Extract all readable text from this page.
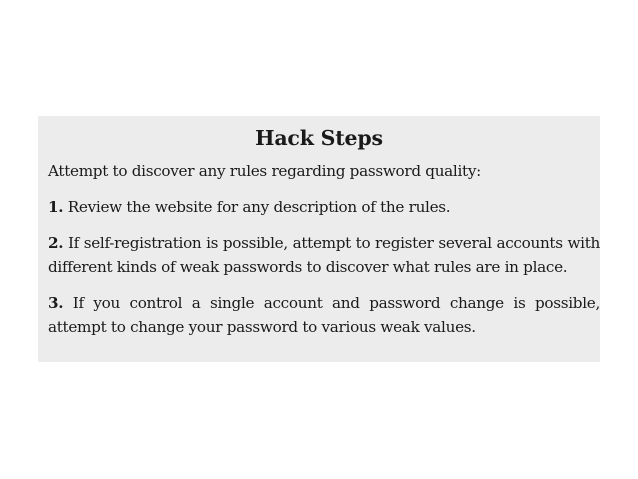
Hack Steps

Attempt to discover any rules regarding password quality:

1. Review the website for any description of the rules.

2. If self-registration is possible, attempt to register several accounts with different kinds of weak passwords to discover what rules are in place.

3. If you control a single account and password change is possible, attempt to change your password to various weak values.
